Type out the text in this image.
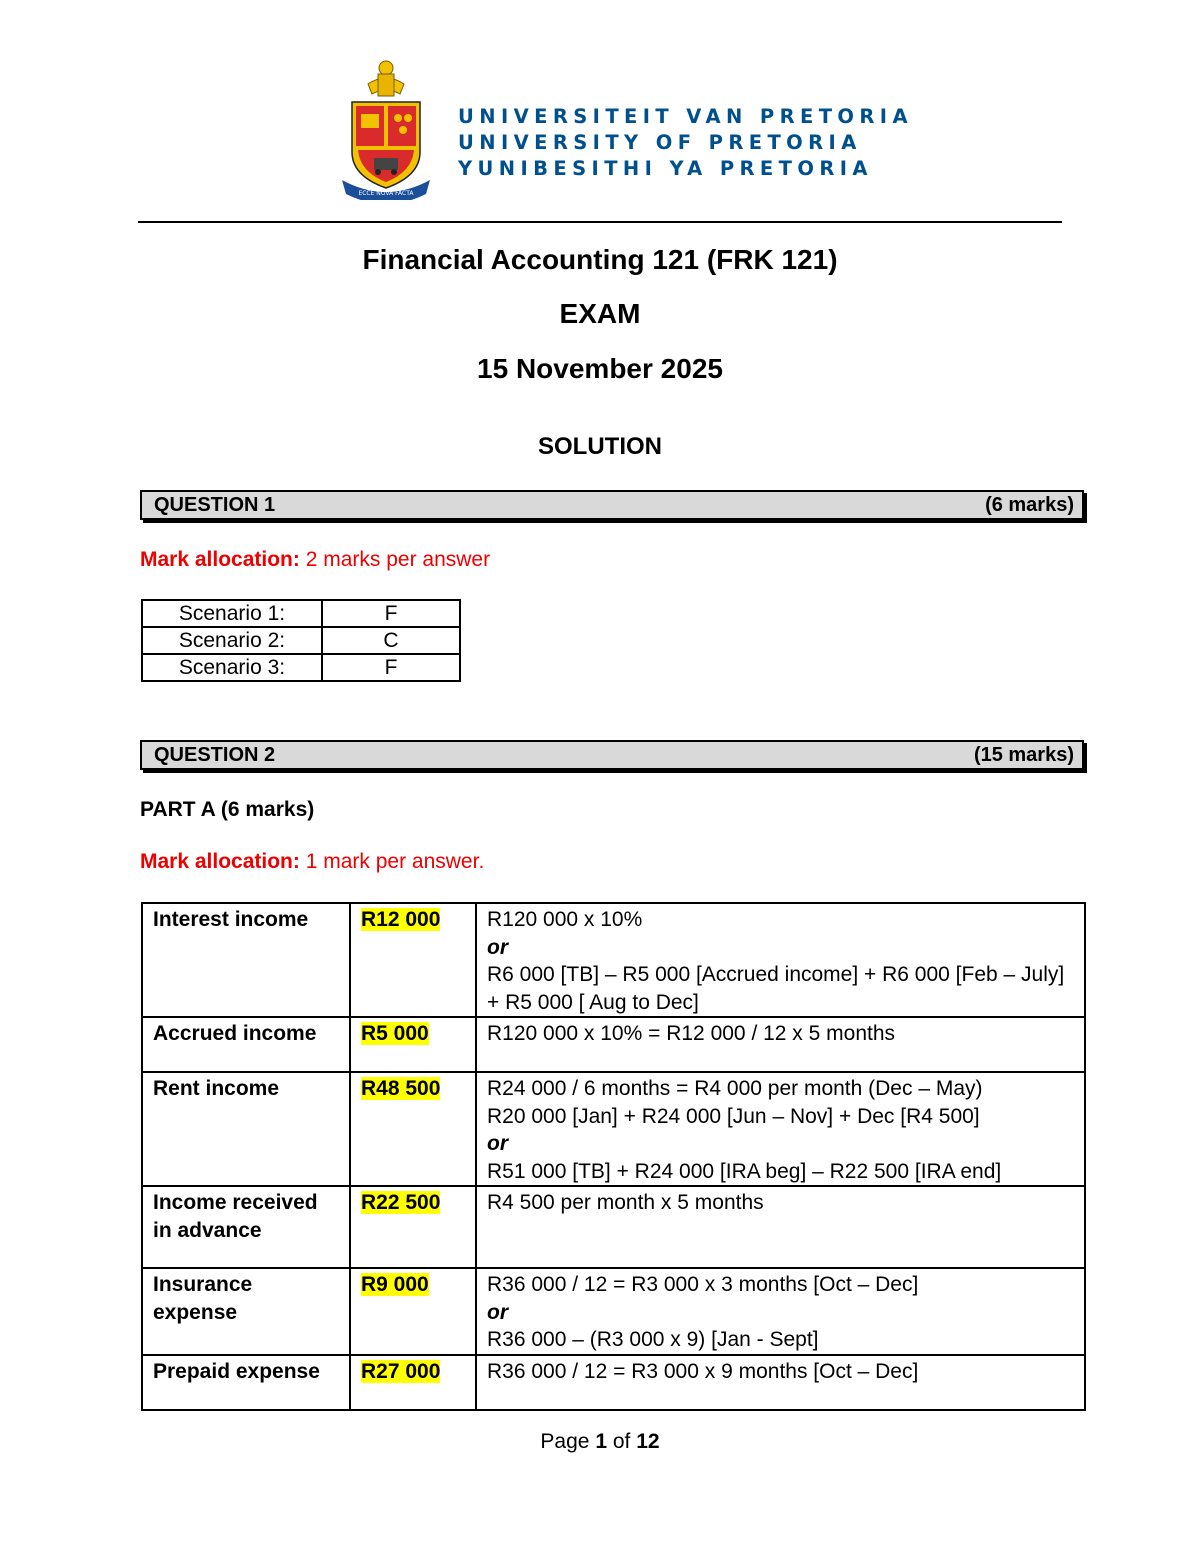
ECCE NOVA FACTA
UNIVERSITEIT VAN PRETORIA
UNIVERSITY OF PRETORIA
YUNIBESITHI YA PRETORIA
Financial Accounting 121 (FRK 121)
EXAM
15 November 2025
SOLUTION
QUESTION 1	(6 marks)
Mark allocation: 2 marks per answer
Scenario 1:	F
Scenario 2:	C
Scenario 3:	F
QUESTION 2	(15 marks)
PART A (6 marks)
Mark allocation: 1 mark per answer.
Interest income	R12 000	R120 000 x 10%
or
R6 000 [TB] – R5 000 [Accrued income] + R6 000 [Feb – July] + R5 000 [ Aug to Dec]

Accrued income	R5 000	R120 000 x 10% = R12 000 / 12 x 5 months

Rent income	R48 500	R24 000 / 6 months = R4 000 per month (Dec – May)
R20 000 [Jan] + R24 000 [Jun – Nov] + Dec [R4 500]
or
R51 000 [TB] + R24 000 [IRA beg] – R22 500 [IRA end]

Income received in advance	R22 500	R4 500 per month x 5 months

Insurance expense	R9 000	R36 000 / 12 = R3 000 x 3 months [Oct – Dec]
or
R36 000 – (R3 000 x 9) [Jan - Sept]

Prepaid expense	R27 000	R36 000 / 12 = R3 000 x 9 months [Oct – Dec]
Page 1 of 12
